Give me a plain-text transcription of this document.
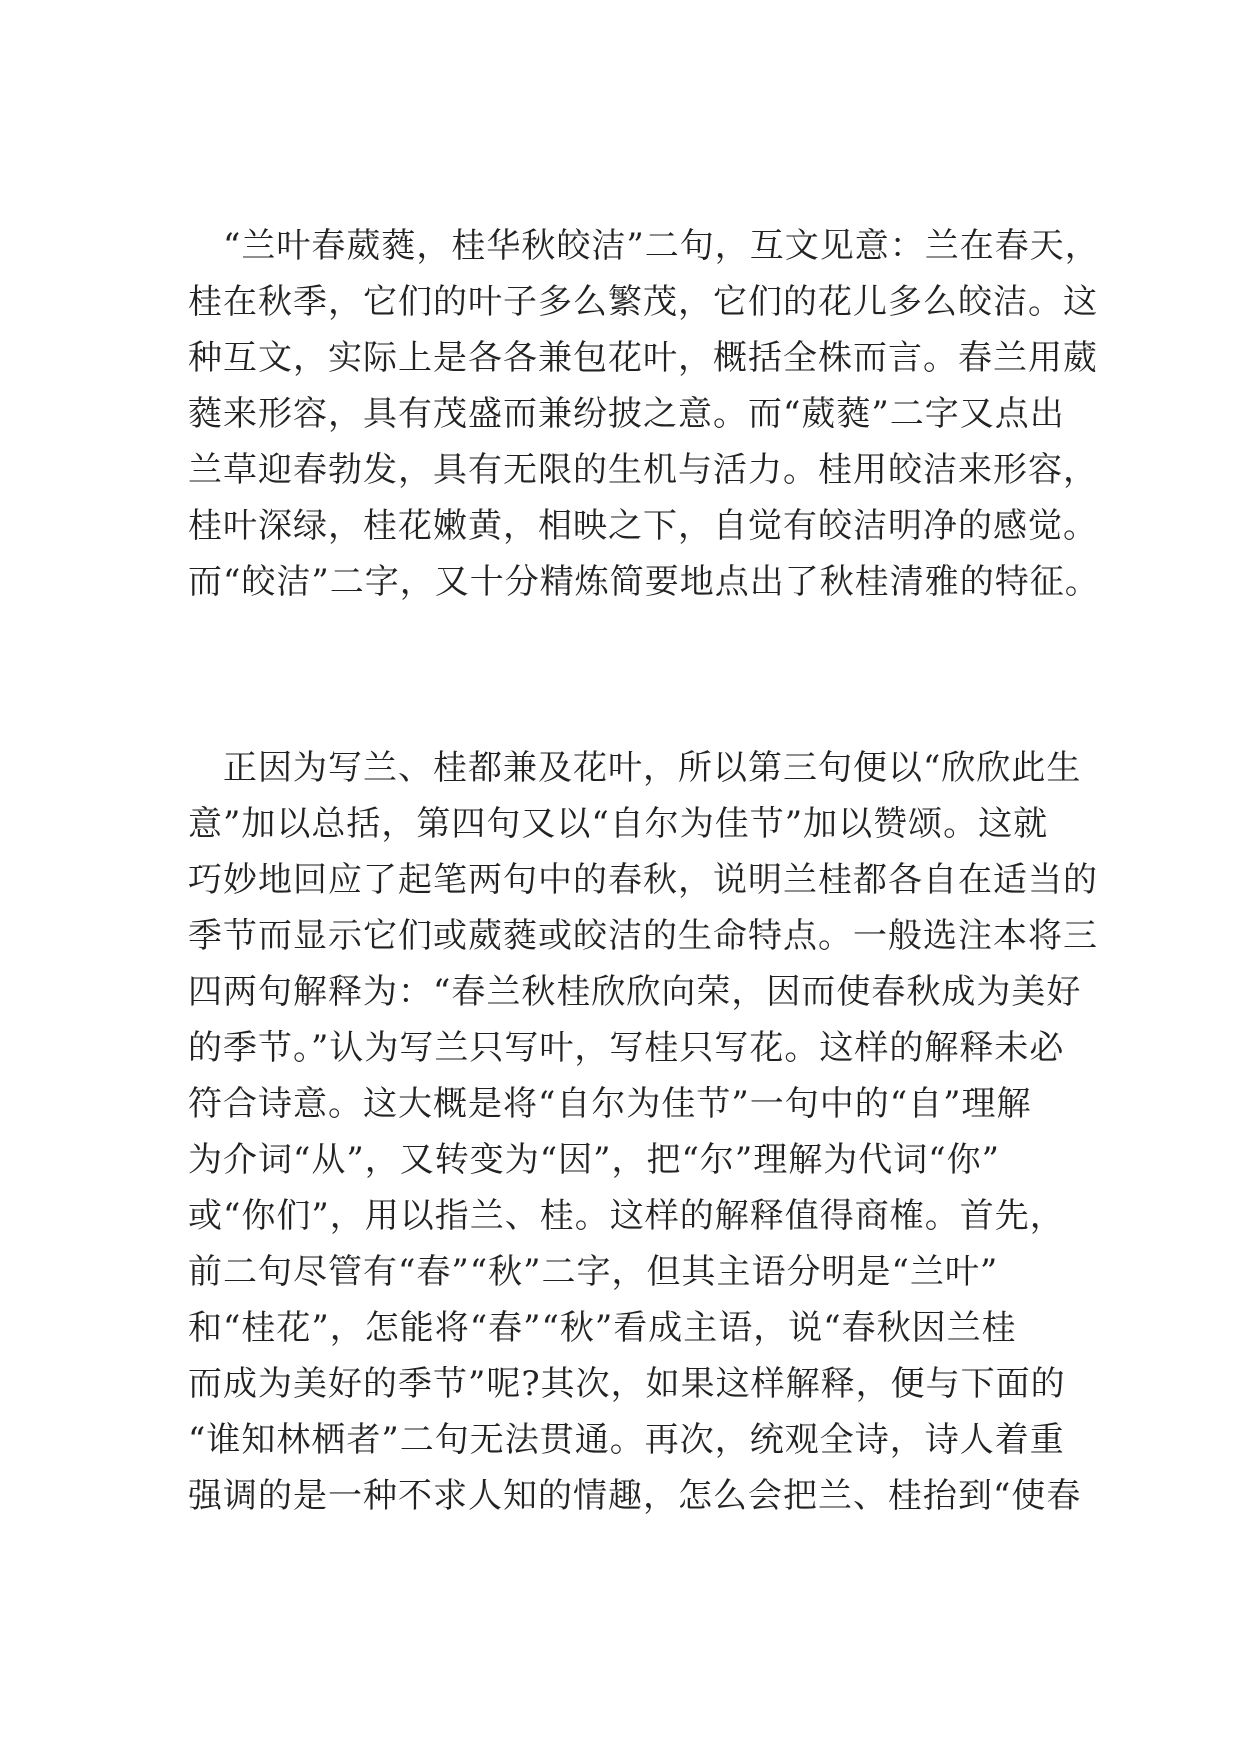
　“兰叶春葳蕤，桂华秋皎洁”二句，互文见意：兰在春天，
桂在秋季，它们的叶子多么繁茂，它们的花儿多么皎洁。这
种互文，实际上是各各兼包花叶，概括全株而言。春兰用葳
蕤来形容，具有茂盛而兼纷披之意。而“葳蕤”二字又点出
兰草迎春勃发，具有无限的生机与活力。桂用皎洁来形容，
桂叶深绿，桂花嫩黄，相映之下，自觉有皎洁明净的感觉。
而“皎洁”二字，又十分精炼简要地点出了秋桂清雅的特征。
　正因为写兰、桂都兼及花叶，所以第三句便以“欣欣此生
意”加以总括，第四句又以“自尔为佳节”加以赞颂。这就
巧妙地回应了起笔两句中的春秋，说明兰桂都各自在适当的
季节而显示它们或葳蕤或皎洁的生命特点。一般选注本将三
四两句解释为：“春兰秋桂欣欣向荣，因而使春秋成为美好
的季节。”认为写兰只写叶，写桂只写花。这样的解释未必
符合诗意。这大概是将“自尔为佳节”一句中的“自”理解
为介词“从”，又转变为“因”，把“尔”理解为代词“你”
或“你们”，用以指兰、桂。这样的解释值得商榷。首先，
前二句尽管有“春”“秋”二字，但其主语分明是“兰叶”
和“桂花”，怎能将“春”“秋”看成主语，说“春秋因兰桂
而成为美好的季节”呢?其次，如果这样解释，便与下面的
“谁知林栖者”二句无法贯通。再次，统观全诗，诗人着重
强调的是一种不求人知的情趣，怎么会把兰、桂抬到“使春
